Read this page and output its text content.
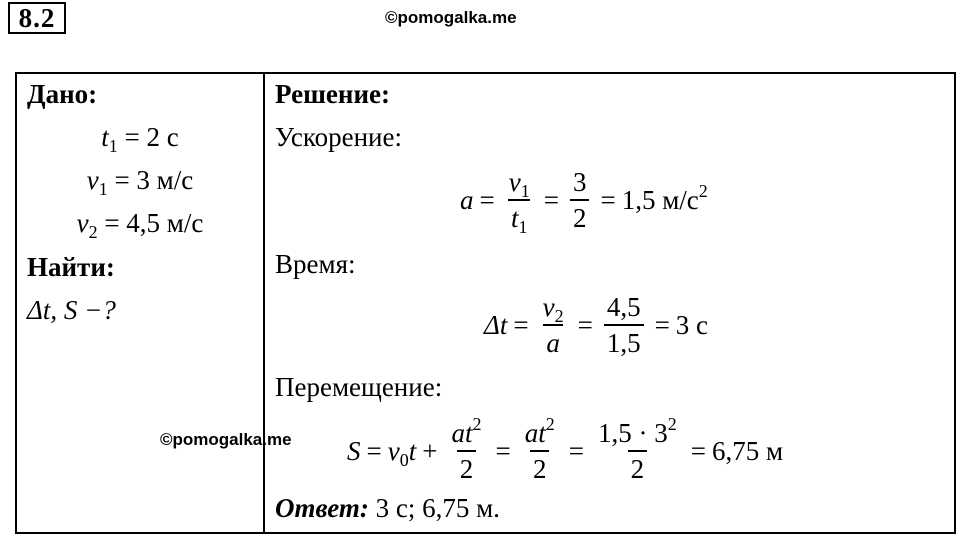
8.2	©pomogalka.me
Дано:
$t_1 = 2$ с
$v_1 = 3$ м/с
$v_2 = 4,5$ м/с
Найти:
Δt, S −?
Решение:
Ускорение:
$a = \frac{v_1}{t_1} = \frac{3}{2} = 1,5$ $м/с^2$
Время:
$\Delta t = \frac{v_2}{a} = \frac{4,5}{1,5} = 3$ с
Перемещение:
©pomogalka.me $S = v_0t + \frac{at^2}{2} = \frac{at^2}{2} = \frac{1,5 \cdot 3^2}{2} = 6,75$ м
Ответ: 3 с; 6,75 м.
